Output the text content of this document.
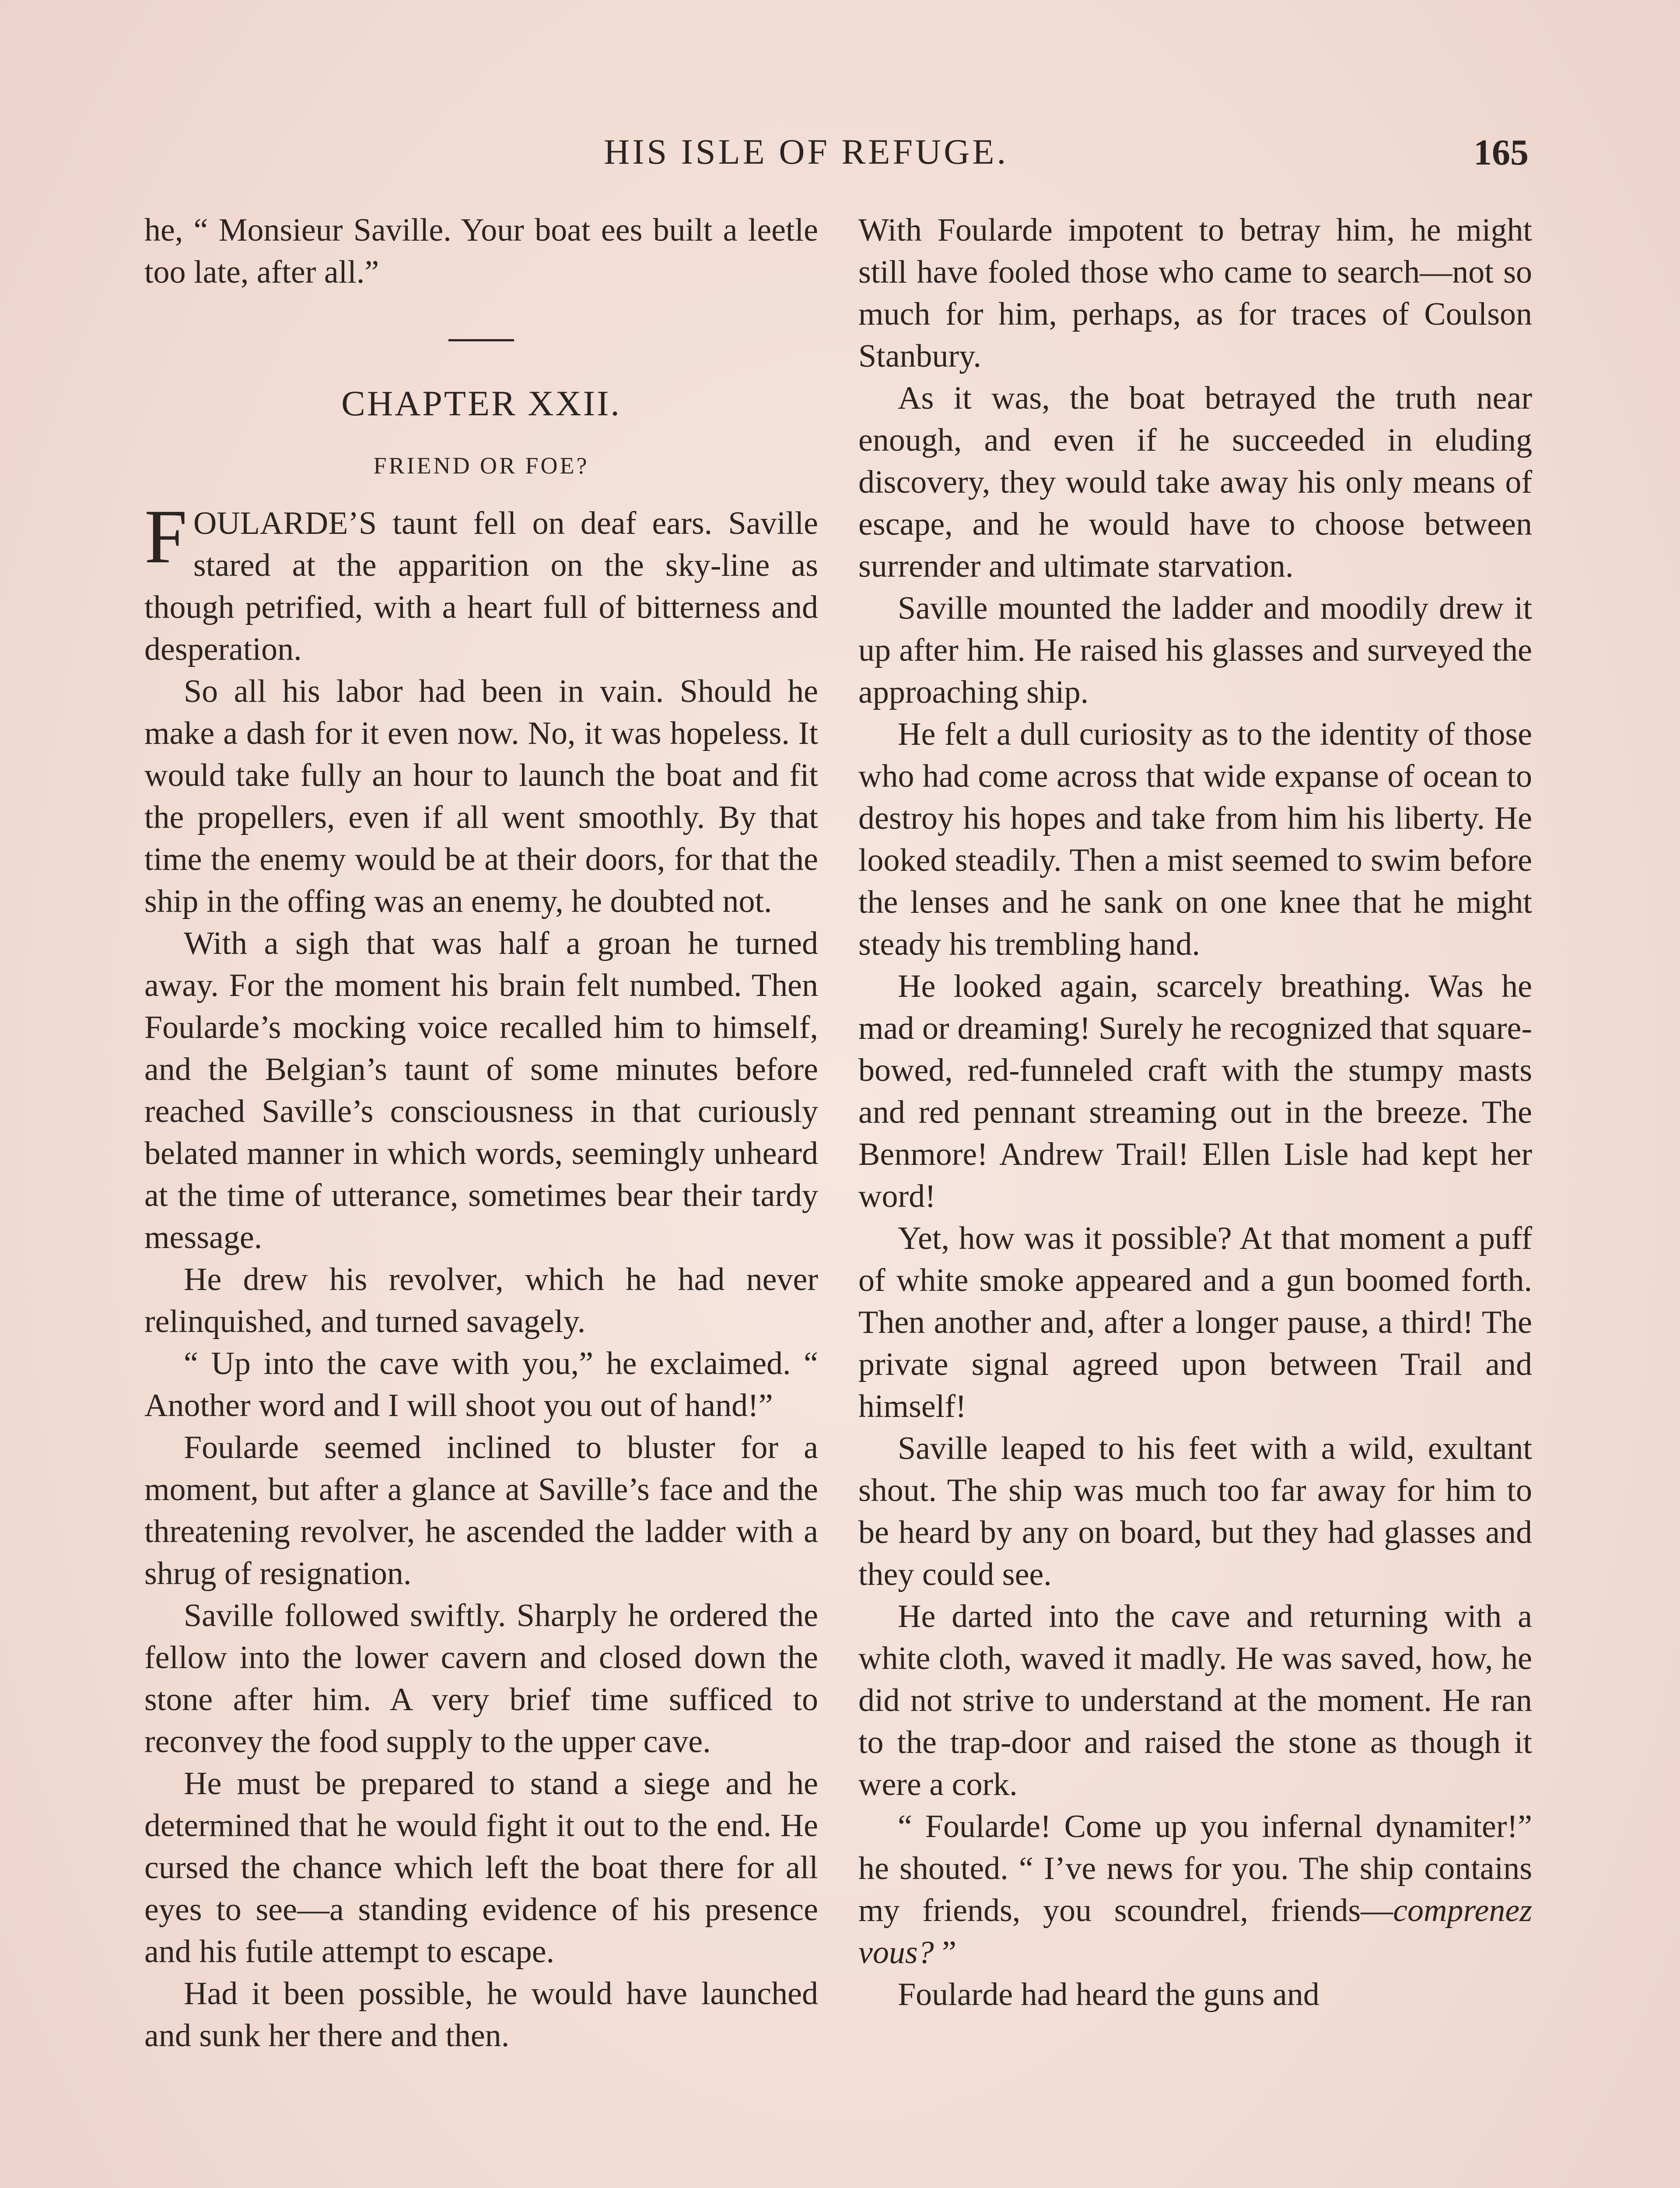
HIS ISLE OF REFUGE.	165

he, “ Monsieur Saville. Your boat ees built a leetle too late, after all.”

CHAPTER XXII.
FRIEND OR FOE?

FOULARDE’S taunt fell on deaf ears. Saville stared at the apparition on the sky-line as though petrified, with a heart full of bitterness and desperation.

So all his labor had been in vain. Should he make a dash for it even now. No, it was hopeless. It would take fully an hour to launch the boat and fit the propellers, even if all went smoothly. By that time the enemy would be at their doors, for that the ship in the offing was an enemy, he doubted not.

With a sigh that was half a groan he turned away. For the moment his brain felt numbed. Then Foularde’s mocking voice recalled him to himself, and the Belgian’s taunt of some minutes before reached Saville’s consciousness in that curiously belated manner in which words, seemingly unheard at the time of utterance, sometimes bear their tardy message.

He drew his revolver, which he had never relinquished, and turned savagely.

“ Up into the cave with you,” he exclaimed. “ Another word and I will shoot you out of hand!”

Foularde seemed inclined to bluster for a moment, but after a glance at Saville’s face and the threatening revolver, he ascended the ladder with a shrug of resignation.

Saville followed swiftly. Sharply he ordered the fellow into the lower cavern and closed down the stone after him. A very brief time sufficed to reconvey the food supply to the upper cave.

He must be prepared to stand a siege and he determined that he would fight it out to the end. He cursed the chance which left the boat there for all eyes to see—a standing evidence of his presence and his futile attempt to escape.

Had it been possible, he would have launched and sunk her there and then.

With Foularde impotent to betray him, he might still have fooled those who came to search—not so much for him, perhaps, as for traces of Coulson Stanbury.

As it was, the boat betrayed the truth near enough, and even if he succeeded in eluding discovery, they would take away his only means of escape, and he would have to choose between surrender and ultimate starvation.

Saville mounted the ladder and moodily drew it up after him. He raised his glasses and surveyed the approaching ship.

He felt a dull curiosity as to the identity of those who had come across that wide expanse of ocean to destroy his hopes and take from him his liberty. He looked steadily. Then a mist seemed to swim before the lenses and he sank on one knee that he might steady his trembling hand.

He looked again, scarcely breathing. Was he mad or dreaming! Surely he recognized that square-bowed, red-funneled craft with the stumpy masts and red pennant streaming out in the breeze. The Benmore! Andrew Trail! Ellen Lisle had kept her word!

Yet, how was it possible? At that moment a puff of white smoke appeared and a gun boomed forth. Then another and, after a longer pause, a third! The private signal agreed upon between Trail and himself!

Saville leaped to his feet with a wild, exultant shout. The ship was much too far away for him to be heard by any on board, but they had glasses and they could see.

He darted into the cave and returning with a white cloth, waved it madly. He was saved, how, he did not strive to understand at the moment. He ran to the trap-door and raised the stone as though it were a cork.

“ Foularde! Come up you infernal dynamiter!” he shouted. “ I’ve news for you. The ship contains my friends, you scoundrel, friends—comprenez vous? ”

Foularde had heard the guns and
